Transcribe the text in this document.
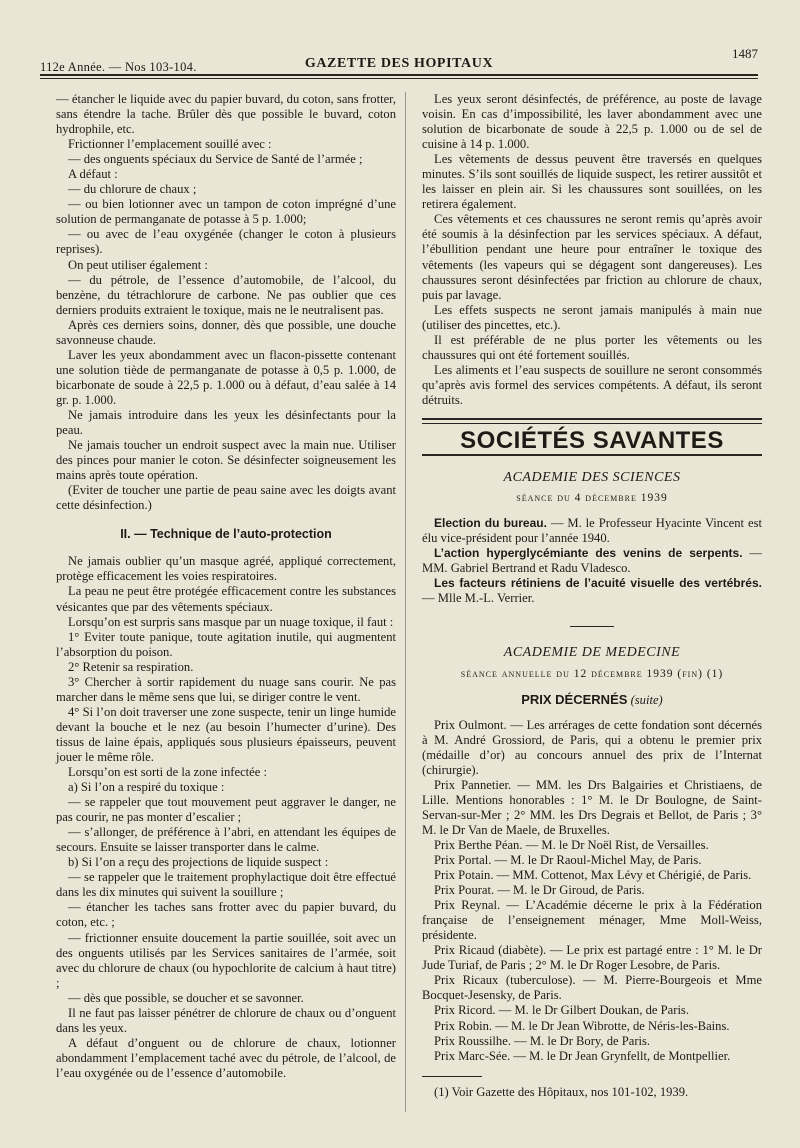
112e Année. — Nos 103-104.	GAZETTE DES HOPITAUX
1487

— étancher le liquide avec du papier buvard, du coton, sans frotter, sans étendre la tache. Brûler dès que possible le buvard, coton hydrophile, etc.

Frictionner l’emplacement souillé avec :

— des onguents spéciaux du Service de Santé de l’armée ;

A défaut :

— du chlorure de chaux ;

— ou bien lotionner avec un tampon de coton imprégné d’une solution de permanganate de potasse à 5 p. 1.000;

— ou avec de l’eau oxygénée (changer le coton à plusieurs reprises).

On peut utiliser également :

— du pétrole, de l’essence d’automobile, de l’alcool, du benzène, du tétrachlorure de carbone. Ne pas oublier que ces derniers produits extraient le toxique, mais ne le neutralisent pas.

Après ces derniers soins, donner, dès que possible, une douche savonneuse chaude.

Laver les yeux abondamment avec un flacon-pissette contenant une solution tiède de permanganate de potasse à 0,5 p. 1.000, de bicarbonate de soude à 22,5 p. 1.000 ou à défaut, d’eau salée à 14 gr. p. 1.000.

Ne jamais introduire dans les yeux les désinfectants pour la peau.

Ne jamais toucher un endroit suspect avec la main nue. Utiliser des pinces pour manier le coton. Se désinfecter soigneusement les mains après toute opération.

(Eviter de toucher une partie de peau saine avec les doigts avant cette désinfection.)

II. — Technique de l’auto-protection

Ne jamais oublier qu’un masque agréé, appliqué correctement, protège efficacement les voies respiratoires.

La peau ne peut être protégée efficacement contre les substances vésicantes que par des vêtements spéciaux.

Lorsqu’on est surpris sans masque par un nuage toxique, il faut :

1° Eviter toute panique, toute agitation inutile, qui augmentent l’absorption du poison.

2° Retenir sa respiration.

3° Chercher à sortir rapidement du nuage sans courir. Ne pas marcher dans le même sens que lui, se diriger contre le vent.

4° Si l’on doit traverser une zone suspecte, tenir un linge humide devant la bouche et le nez (au besoin l’humecter d’urine). Des tissus de laine épais, appliqués sous plusieurs épaisseurs, peuvent jouer le même rôle.

Lorsqu’on est sorti de la zone infectée :

a) Si l’on a respiré du toxique :

— se rappeler que tout mouvement peut aggraver le danger, ne pas courir, ne pas monter d’escalier ;

— s’allonger, de préférence à l’abri, en attendant les équipes de secours. Ensuite se laisser transporter dans le calme.

b) Si l’on a reçu des projections de liquide suspect :

— se rappeler que le traitement prophylactique doit être effectué dans les dix minutes qui suivent la souillure ;

— étancher les taches sans frotter avec du papier buvard, du coton, etc. ;

— frictionner ensuite doucement la partie souillée, soit avec un des onguents utilisés par les Services sanitaires de l’armée, soit avec du chlorure de chaux (ou hypochlorite de calcium à haut titre) ;

— dès que possible, se doucher et se savonner.

Il ne faut pas laisser pénétrer de chlorure de chaux ou d’onguent dans les yeux.

A défaut d’onguent ou de chlorure de chaux, lotionner abondamment l’emplacement taché avec du pétrole, de l’alcool, de l’eau oxygénée ou de l’essence d’automobile.

Les yeux seront désinfectés, de préférence, au poste de lavage voisin. En cas d’impossibilité, les laver abondamment avec une solution de bicarbonate de soude à 22,5 p. 1.000 ou de sel de cuisine à 14 p. 1.000.

Les vêtements de dessus peuvent être traversés en quelques minutes. S’ils sont souillés de liquide suspect, les retirer aussitôt et les laisser en plein air. Si les chaussures sont souillées, on les retirera également.

Ces vêtements et ces chaussures ne seront remis qu’après avoir été soumis à la désinfection par les services spéciaux. A défaut, l’ébullition pendant une heure pour entraîner le toxique des vêtements (les vapeurs qui se dégagent sont dangereuses). Les chaussures seront désinfectées par friction au chlorure de chaux, puis par lavage.

Les effets suspects ne seront jamais manipulés à main nue (utiliser des pincettes, etc.).

Il est préférable de ne plus porter les vêtements ou les chaussures qui ont été fortement souillés.

Les aliments et l’eau suspects de souillure ne seront consommés qu’après avis formel des services compétents. A défaut, ils seront détruits.

SOCIÉTÉS SAVANTES
ACADEMIE DES SCIENCES
séance du 4 décembre 1939

Election du bureau. — M. le Professeur Hyacinte Vincent est élu vice-président pour l’année 1940.

L’action hyperglycémiante des venins de serpents. — MM. Gabriel Bertrand et Radu Vladesco.

Les facteurs rétiniens de l’acuité visuelle des vertébrés. — Mlle M.-L. Verrier.

ACADEMIE DE MEDECINE
séance annuelle du 12 décembre 1939 (fin) (1)
PRIX DÉCERNÉS (suite)

Prix Oulmont. — Les arrérages de cette fondation sont décernés à M. André Grossiord, de Paris, qui a obtenu le premier prix (médaille d’or) au concours annuel des prix de l’Internat (chirurgie).

Prix Pannetier. — MM. les Drs Balgairies et Christiaens, de Lille. Mentions honorables : 1° M. le Dr Boulogne, de Saint-Servan-sur-Mer ; 2° MM. les Drs Degrais et Bellot, de Paris ; 3° M. le Dr Van de Maele, de Bruxelles.

Prix Berthe Péan. — M. le Dr Noël Rist, de Versailles.

Prix Portal. — M. le Dr Raoul-Michel May, de Paris.

Prix Potain. — MM. Cottenot, Max Lévy et Chérigié, de Paris.

Prix Pourat. — M. le Dr Giroud, de Paris.

Prix Reynal. — L’Académie décerne le prix à la Fédération française de l’enseignement ménager, Mme Moll-Weiss, présidente.

Prix Ricaud (diabète). — Le prix est partagé entre : 1° M. le Dr Jude Turiaf, de Paris ; 2° M. le Dr Roger Lesobre, de Paris.

Prix Ricaux (tuberculose). — M. Pierre-Bourgeois et Mme Bocquet-Jesensky, de Paris.

Prix Ricord. — M. le Dr Gilbert Doukan, de Paris.

Prix Robin. — M. le Dr Jean Wibrotte, de Néris-les-Bains.

Prix Roussilhe. — M. le Dr Bory, de Paris.

Prix Marc-Sée. — M. le Dr Jean Grynfellt, de Montpellier.

(1) Voir Gazette des Hôpitaux, nos 101-102, 1939.
